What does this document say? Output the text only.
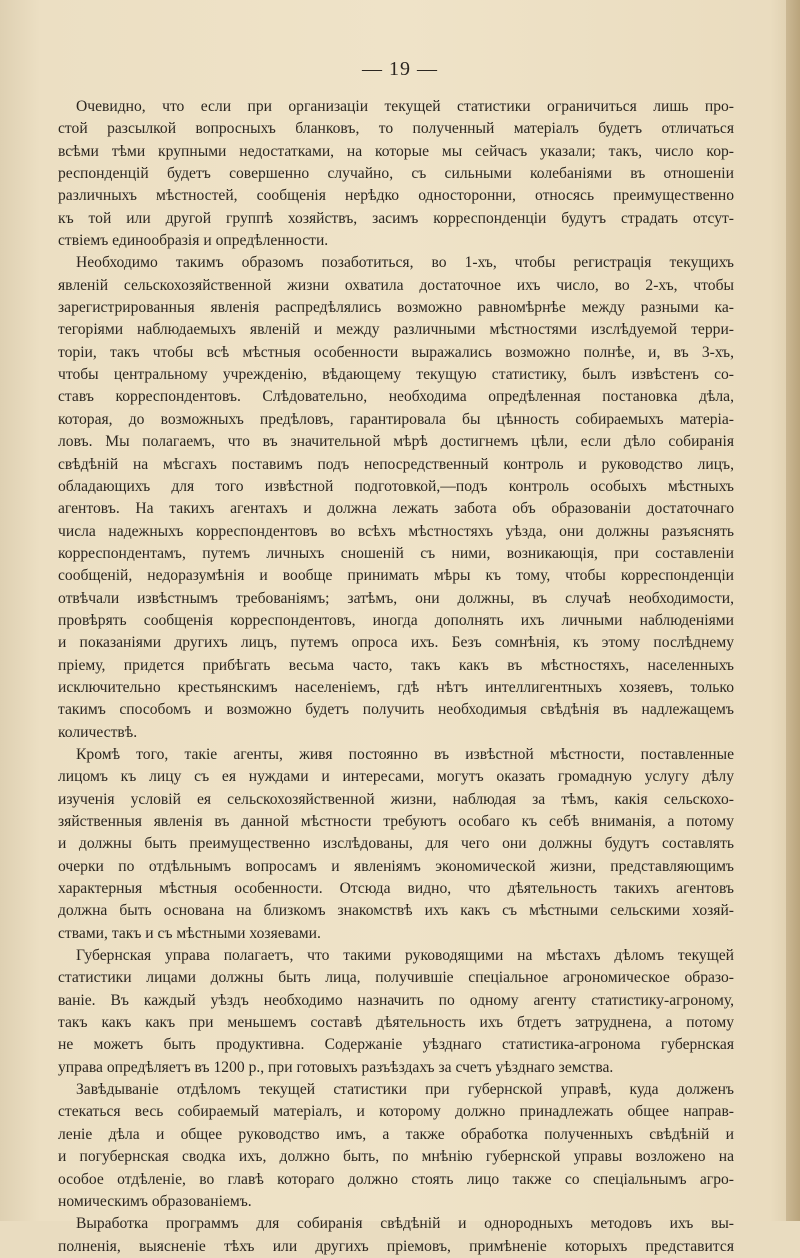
— 19 —
Очевидно, что если при организаціи текущей статистики ограничиться лишь про-
стой разсылкой вопросныхъ бланковъ, то полученный матеріалъ будетъ отличаться
всѣми тѣми крупными недостатками, на которые мы сейчасъ указали; такъ, число кор-
респонденцій будетъ совершенно случайно, съ сильными колебаніями въ отношеніи
различныхъ мѣстностей, сообщенія нерѣдко односторонни, относясь преимущественно
къ той или другой группѣ хозяйствъ, засимъ корреспонденціи будутъ страдать отсут-
ствіемъ единообразія и опредѣленности.
Необходимо такимъ образомъ позаботиться, во 1-хъ, чтобы регистрація текущихъ
явленій сельскохозяйственной жизни охватила достаточное ихъ число, во 2-хъ, чтобы
зарегистрированныя явленія распредѣлялись возможно равномѣрнѣе между разными ка-
тегоріями наблюдаемыхъ явленій и между различными мѣстностями изслѣдуемой терри-
торіи, такъ чтобы всѣ мѣстныя особенности выражались возможно полнѣе, и, въ 3-хъ,
чтобы центральному учрежденію, вѣдающему текущую статистику, былъ извѣстенъ со-
ставъ корреспондентовъ. Слѣдовательно, необходима опредѣленная постановка дѣла,
которая, до возможныхъ предѣловъ, гарантировала бы цѣнность собираемыхъ матеріа-
ловъ. Мы полагаемъ, что въ значительной мѣрѣ достигнемъ цѣли, если дѣло собиранія
свѣдѣній на мѣсгахъ поставимъ подъ непосредственный контроль и руководство лицъ,
обладающихъ для того извѣстной подготовкой,—подъ контроль особыхъ мѣстныхъ
агентовъ. На такихъ агентахъ и должна лежать забота объ образованіи достаточнаго
числа надежныхъ корреспондентовъ во всѣхъ мѣстностяхъ уѣзда, они должны разъяснять
корреспондентамъ, путемъ личныхъ сношеній съ ними, возникающія, при составленіи
сообщеній, недоразумѣнія и вообще принимать мѣры къ тому, чтобы корреспонденціи
отвѣчали извѣстнымъ требованіямъ; затѣмъ, они должны, въ случаѣ необходимости,
провѣрять сообщенія корреспондентовъ, иногда дополнять ихъ личными наблюденіями
и показаніями другихъ лицъ, путемъ опроса ихъ. Безъ сомнѣнія, къ этому послѣднему
пріему, придется прибѣгать весьма часто, такъ какъ въ мѣстностяхъ, населенныхъ
исключительно крестьянскимъ населеніемъ, гдѣ нѣтъ интеллигентныхъ хозяевъ, только
такимъ способомъ и возможно будетъ получить необходимыя свѣдѣнія въ надлежащемъ
количествѣ.
Кромѣ того, такіе агенты, живя постоянно въ извѣстной мѣстности, поставленные
лицомъ къ лицу съ ея нуждами и интересами, могутъ оказать громадную услугу дѣлу
изученія условій ея сельскохозяйственной жизни, наблюдая за тѣмъ, какія сельскохо-
зяйственныя явленія въ данной мѣстности требуютъ особаго къ себѣ вниманія, а потому
и должны быть преимущественно изслѣдованы, для чего они должны будутъ составлять
очерки по отдѣльнымъ вопросамъ и явленіямъ экономической жизни, представляющимъ
характерныя мѣстныя особенности. Отсюда видно, что дѣятельность такихъ агентовъ
должна быть основана на близкомъ знакомствѣ ихъ какъ съ мѣстными сельскими хозяй-
ствами, такъ и съ мѣстными хозяевами.
Губернская управа полагаетъ, что такими руководящими на мѣстахъ дѣломъ текущей
статистики лицами должны быть лица, получившіе спеціальное агрономическое образо-
ваніе. Въ каждый уѣздъ необходимо назначить по одному агенту статистику-агроному,
такъ какъ какъ при меньшемъ составѣ дѣятельность ихъ бтдетъ затруднена, а потому
не можетъ быть продуктивна. Содержаніе уѣзднаго статистика-агронома губернская
управа опредѣляетъ въ 1200 р., при готовыхъ разъѣздахъ за счетъ уѣзднаго земства.
Завѣдываніе отдѣломъ текущей статистики при губернской управѣ, куда долженъ
стекаться весь собираемый матеріалъ, и которому должно принадлежать общее направ-
леніе дѣла и общее руководство имъ, а также обработка полученныхъ свѣдѣній и
и погубернская сводка ихъ, должно быть, по мнѣнію губернской управы возложено на
особое отдѣленіе, во главѣ котораго должно стоять лицо также со спеціальнымъ агро-
номическимъ образованіемъ.
Выработка программъ для собиранія свѣдѣній и однородныхъ методовъ ихъ вы-
полненія, выясненіе тѣхъ или другихъ пріемовъ, примѣненіе которыхъ представится
